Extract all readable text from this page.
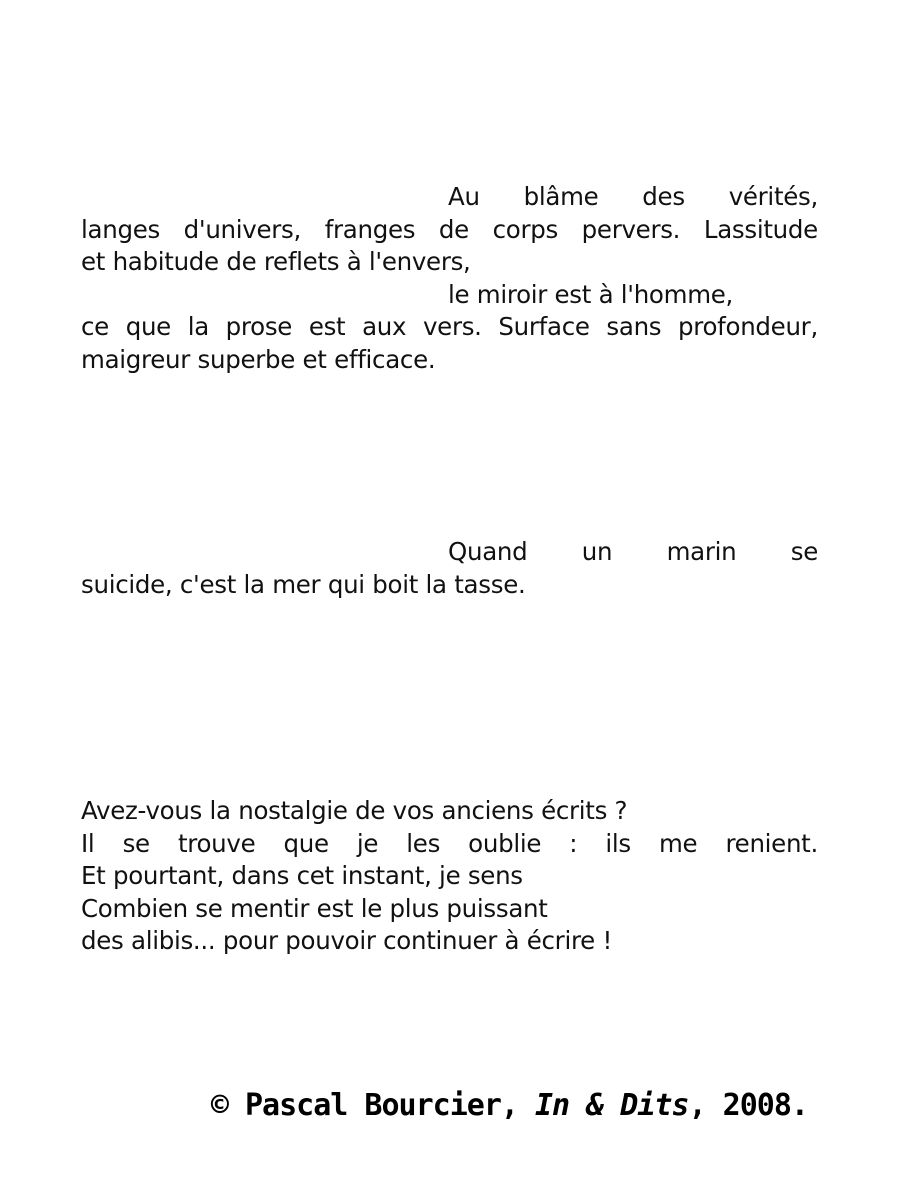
Au blâme des vérités,
langes d'univers, franges de corps pervers. Lassitude
et habitude de reflets à l'envers,
le miroir est à l'homme,
ce que la prose est aux vers. Surface sans profondeur,
maigreur superbe et efficace.
Quand un marin se
suicide, c'est la mer qui boit la tasse.
Avez-vous la nostalgie de vos anciens écrits ?
Il se trouve que je les oublie : ils me renient.
Et pourtant, dans cet instant, je sens
Combien se mentir est le plus puissant
des alibis... pour pouvoir continuer à écrire !
© Pascal Bourcier, In & Dits, 2008.
